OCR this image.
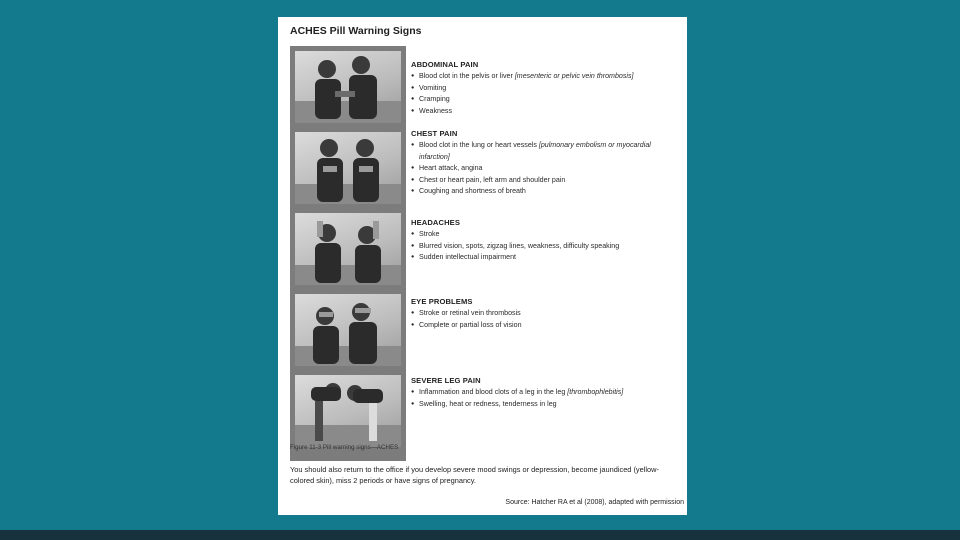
ACHES Pill Warning Signs
ABDOMINAL PAIN
● Blood clot in the pelvis or liver [mesenteric or pelvic vein thrombosis]
● Vomiting
● Cramping
● Weakness
CHEST PAIN
● Blood clot in the lung or heart vessels [pulmonary embolism or myocardial infarction]
● Heart attack, angina
● Chest or heart pain, left arm and shoulder pain
● Coughing and shortness of breath
HEADACHES
● Stroke
● Blurred vision, spots, zigzag lines, weakness, difficulty speaking
● Sudden intellectual impairment
EYE PROBLEMS
● Stroke or retinal vein thrombosis
● Complete or partial loss of vision
SEVERE LEG PAIN
● Inflammation and blood clots of a leg in the leg [thrombophlebitis]
● Swelling, heat or redness, tenderness in leg
Figure 11-3 Pill warning signs—ACHES
You should also return to the office if you develop severe mood swings or depression, become jaundiced (yellow-colored skin), miss 2 periods or have signs of pregnancy.
Source: Hatcher RA et al (2008), adapted with permission
